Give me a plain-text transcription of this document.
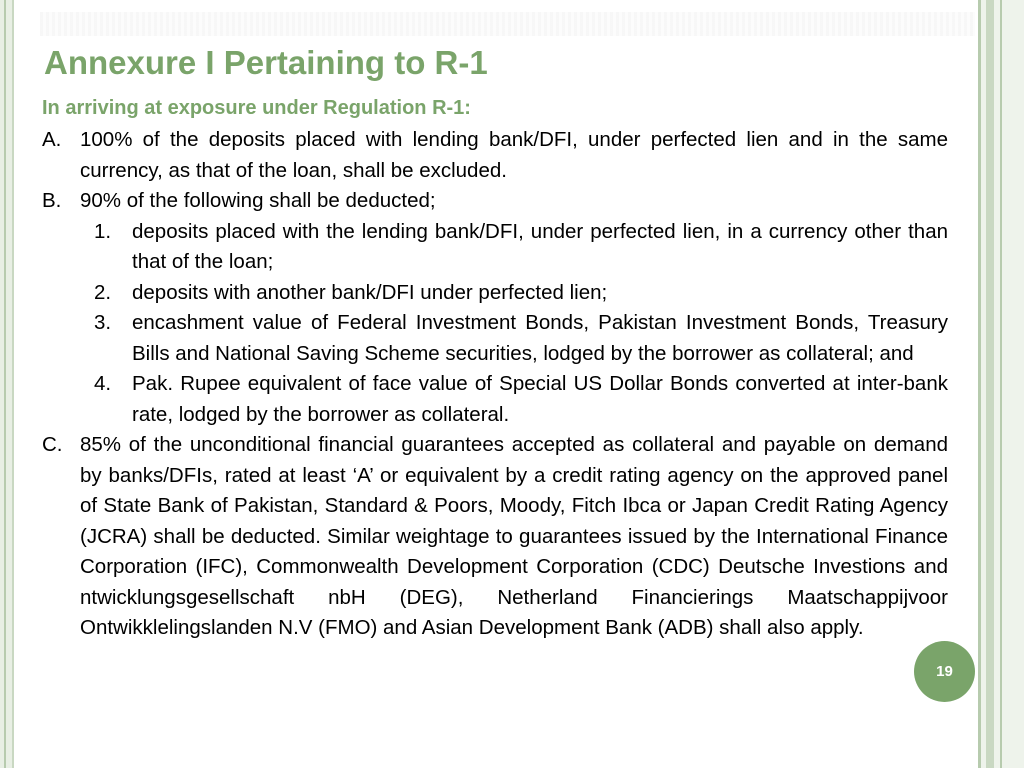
Annexure I Pertaining to R-1

In arriving at exposure under Regulation R-1:

A. 100% of the deposits placed with lending bank/DFI, under perfected lien and in the same currency, as that of the loan, shall be excluded.
B. 90% of the following shall be deducted;
1. deposits placed with the lending bank/DFI, under perfected lien, in a currency other than that of the loan;
2. deposits with another bank/DFI under perfected lien;
3. encashment value of Federal Investment Bonds, Pakistan Investment Bonds, Treasury Bills and National Saving Scheme securities, lodged by the borrower as collateral; and
4. Pak. Rupee equivalent of face value of Special US Dollar Bonds converted at inter-bank rate, lodged by the borrower as collateral.
C. 85% of the unconditional financial guarantees accepted as collateral and payable on demand by banks/DFIs, rated at least ‘A’ or equivalent by a credit rating agency on the approved panel of State Bank of Pakistan, Standard & Poors, Moody, Fitch Ibca or Japan Credit Rating Agency (JCRA) shall be deducted. Similar weightage to guarantees issued by the International Finance Corporation (IFC), Commonwealth Development Corporation (CDC) Deutsche Investions and ntwicklungsgesellschaft nbH (DEG), Netherland Financierings Maatschappijvoor Ontwikklelingslanden N.V (FMO) and Asian Development Bank (ADB) shall also apply.
19
